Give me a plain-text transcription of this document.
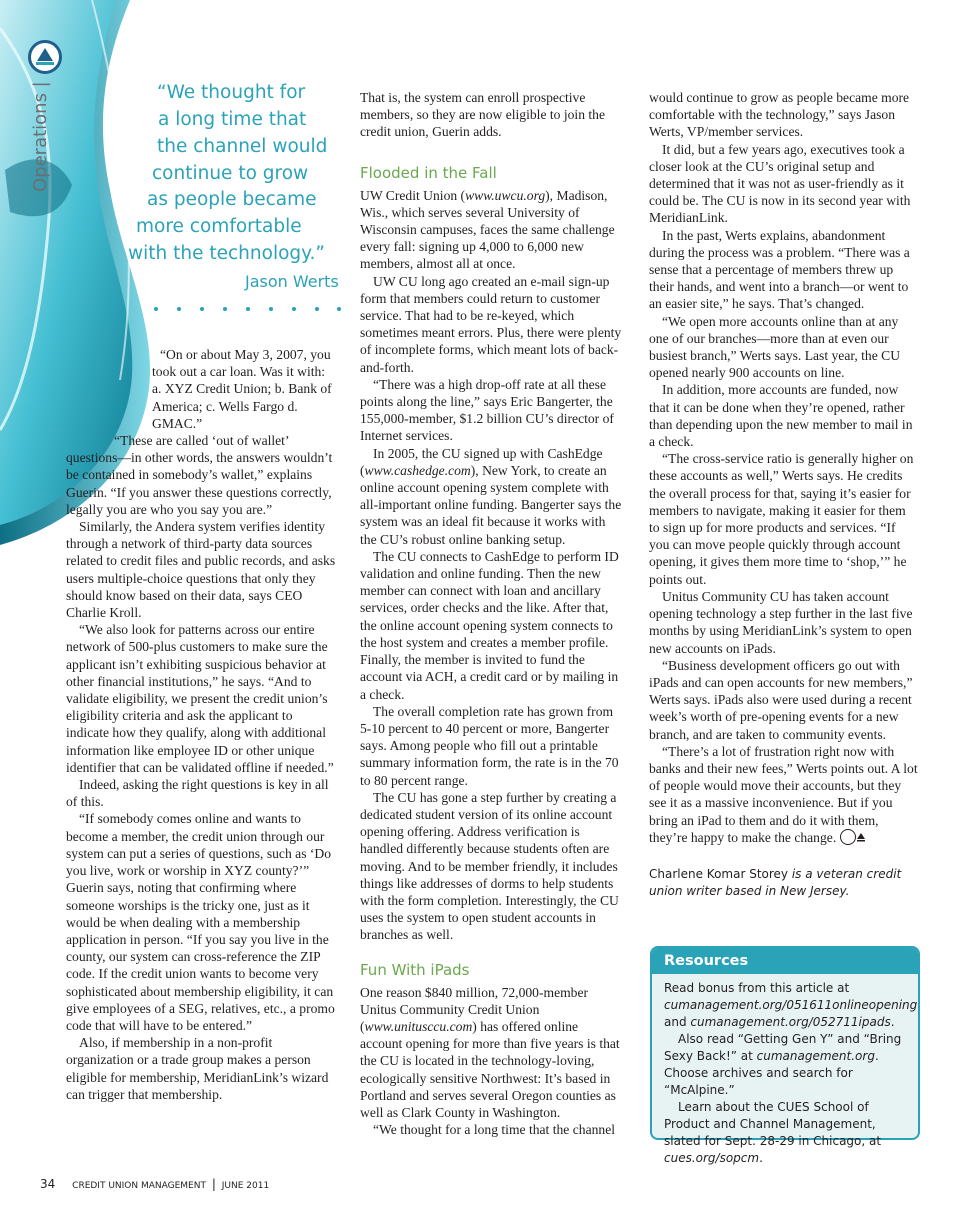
Operations |	“We thought for
a long time that
the channel would
continue to grow
as people became
more comfortable
with the technology.”
Jason Werts

“On or about May 3, 2007, you took out a car loan. Was it with: a. XYZ Credit Union; b. Bank of America; c. Wells Fargo d. GMAC.”

“These are called ‘out of wallet’ questions—in other words, the answers wouldn’t be contained in somebody’s wallet,” explains Guerin. “If you answer these questions correctly, legally you are who you say you are.”

Similarly, the Andera system verifies identity through a network of third-party data sources related to credit files and public records, and asks users multiple-choice questions that only they should know based on their data, says CEO Charlie Kroll.

“We also look for patterns across our entire network of 500-plus customers to make sure the applicant isn’t exhibiting suspicious behavior at other financial institutions,” he says. “And to validate eligibility, we present the credit union’s eligibility criteria and ask the applicant to indicate how they qualify, along with additional information like employee ID or other unique identifier that can be validated offline if needed.”

Indeed, asking the right questions is key in all of this.

“If somebody comes online and wants to become a member, the credit union through our system can put a series of questions, such as ‘Do you live, work or worship in XYZ county?’” Guerin says, noting that confirming where someone worships is the tricky one, just as it would be when dealing with a membership application in person. “If you say you live in the county, our system can cross-reference the ZIP code. If the credit union wants to become very sophisticated about membership eligibility, it can give employees of a SEG, relatives, etc., a promo code that will have to be entered.”

Also, if membership in a non-profit organization or a trade group makes a person eligible for membership, MeridianLink’s wizard can trigger that membership.

That is, the system can enroll prospective members, so they are now eligible to join the credit union, Guerin adds.

Flooded in the Fall

UW Credit Union (www.uwcu.org), Madison, Wis., which serves several University of Wisconsin campuses, faces the same challenge every fall: signing up 4,000 to 6,000 new members, almost all at once.

UW CU long ago created an e-mail sign-up form that members could return to customer service. That had to be re-keyed, which sometimes meant errors. Plus, there were plenty of incomplete forms, which meant lots of back-and-forth.

“There was a high drop-off rate at all these points along the line,” says Eric Bangerter, the 155,000-member, $1.2 billion CU’s director of Internet services.

In 2005, the CU signed up with CashEdge (www.cashedge.com), New York, to create an online account opening system complete with all-important online funding. Bangerter says the system was an ideal fit because it works with the CU’s robust online banking setup.

The CU connects to CashEdge to perform ID validation and online funding. Then the new member can connect with loan and ancillary services, order checks and the like. After that, the online account opening system connects to the host system and creates a member profile. Finally, the member is invited to fund the account via ACH, a credit card or by mailing in a check.

The overall completion rate has grown from 5-10 percent to 40 percent or more, Bangerter says. Among people who fill out a printable summary information form, the rate is in the 70 to 80 percent range.

The CU has gone a step further by creating a dedicated student version of its online account opening offering. Address verification is handled differently because students often are moving. And to be member friendly, it includes things like addresses of dorms to help students with the form completion. Interestingly, the CU uses the system to open student accounts in branches as well.

Fun With iPads

One reason $840 million, 72,000-member Unitus Community Credit Union (www.unitusccu.com) has offered online account opening for more than five years is that the CU is located in the technology-loving, ecologically sensitive Northwest: It’s based in Portland and serves several Oregon counties as well as Clark County in Washington.

“We thought for a long time that the channel

would continue to grow as people became more comfortable with the technology,” says Jason Werts, VP/member services.

It did, but a few years ago, executives took a closer look at the CU’s original setup and determined that it was not as user-friendly as it could be. The CU is now in its second year with MeridianLink.

In the past, Werts explains, abandonment during the process was a problem. “There was a sense that a percentage of members threw up their hands, and went into a branch—or went to an easier site,” he says. That’s changed.

“We open more accounts online than at any one of our branches—more than at even our busiest branch,” Werts says. Last year, the CU opened nearly 900 accounts on line.

In addition, more accounts are funded, now that it can be done when they’re opened, rather than depending upon the new member to mail in a check.

“The cross-service ratio is generally higher on these accounts as well,” Werts says. He credits the overall process for that, saying it’s easier for members to navigate, making it easier for them to sign up for more products and services. “If you can move people quickly through account opening, it gives them more time to ‘shop,’” he points out.

Unitus Community CU has taken account opening technology a step further in the last five months by using MeridianLink’s system to open new accounts on iPads.

“Business development officers go out with iPads and can open accounts for new members,” Werts says. iPads also were used during a recent week’s worth of pre-opening events for a new branch, and are taken to community events.

“There’s a lot of frustration right now with banks and their new fees,” Werts points out. A lot of people would move their accounts, but they see it as a massive inconvenience. But if you bring an iPad to them and do it with them, they’re happy to make the change.

Charlene Komar Storey is a veteran credit union writer based in New Jersey.

Resources

Read bonus from this article at

cumanagement.org/051611onlineopening

and cumanagement.org/052711ipads.

Also read “Getting Gen Y” and “Bring Sexy Back!” at cumanagement.org. Choose archives and search for “McAlpine.”

Learn about the CUES School of Product and Channel Management, slated for Sept. 28-29 in Chicago, at cues.org/sopcm.

34 CREDIT UNION MANAGEMENT | JUNE 2011
